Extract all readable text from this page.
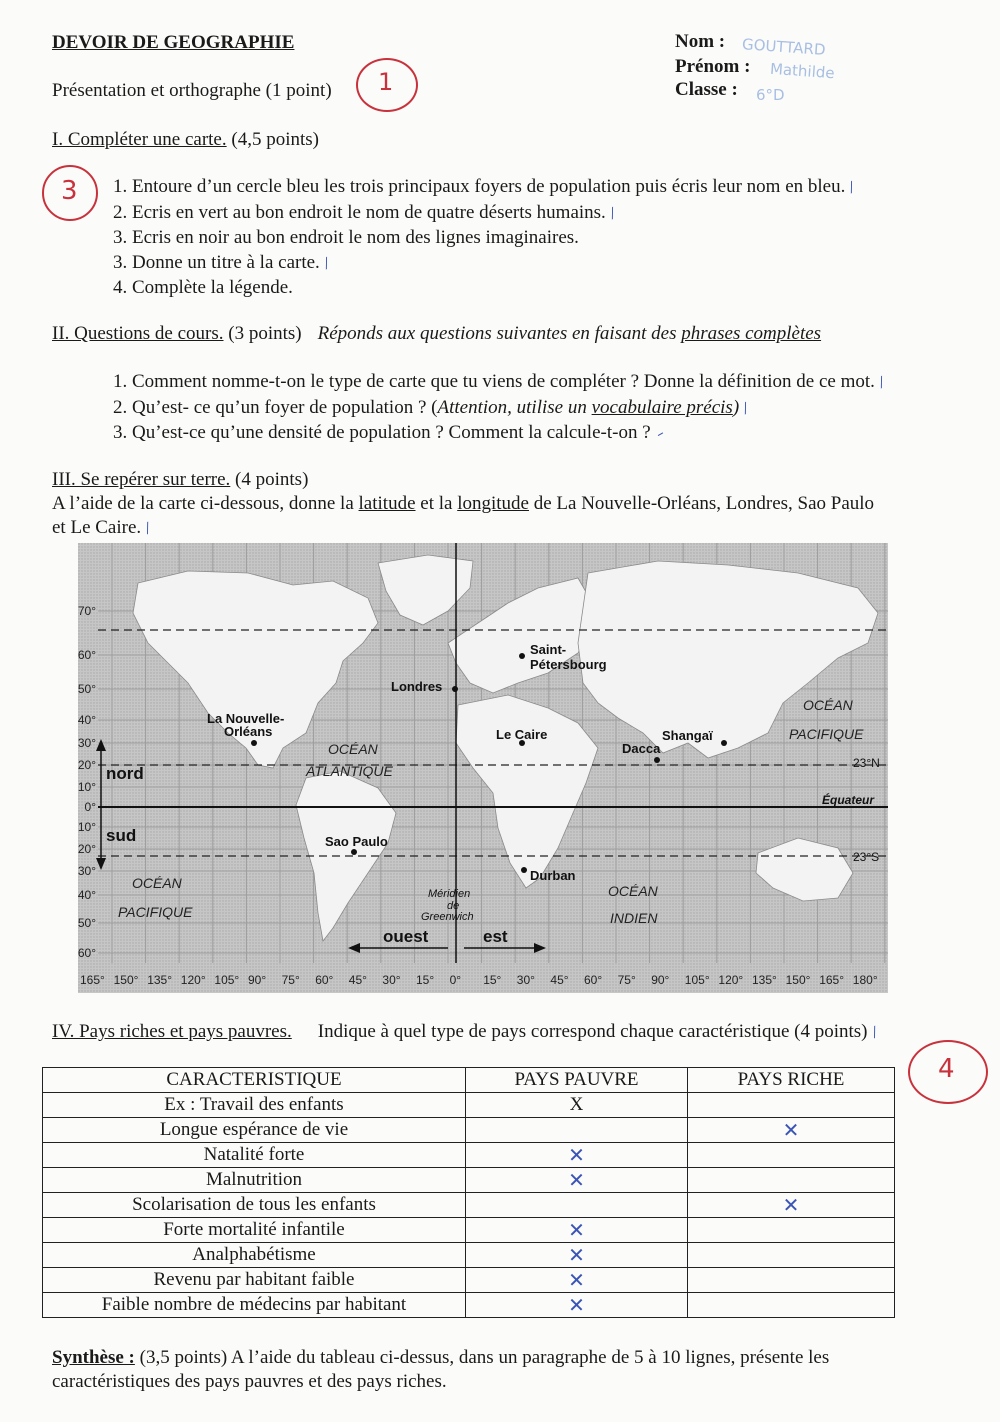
DEVOIR DE GEOGRAPHIE
Présentation et orthographe (1 point) 1
Nom :
Prénom :
Classe :
GOUTTARD
Mathilde
6°D
I. Compléter une carte. (4,5 points)
3 1. Entoure d’un cercle bleu les trois principaux foyers de population puis écris leur nom en bleu. ⁄
2. Ecris en vert au bon endroit le nom de quatre déserts humains. ⁄
3. Ecris en noir au bon endroit le nom des lignes imaginaires.
3. Donne un titre à la carte. ⁄
4. Complète la légende.
II. Questions de cours. (3 points) Réponds aux questions suivantes en faisant des phrases complètes
1. Comment nomme-t-on le type de carte que tu viens de compléter ? Donne la définition de ce mot. ⁄
2. Qu’est- ce qu’un foyer de population ? (Attention, utilise un vocabulaire précis) ⁄
3. Qu’est-ce qu’une densité de population ? Comment la calcule-t-on ? –
III. Se repérer sur terre. (4 points)
A l’aide de la carte ci-dessous, donne la latitude et la longitude de La Nouvelle-Orléans, Londres, Sao Paulo
et Le Caire. ⁄
70°
60°
50°
40°
30°
20°
10°
0°
10°
20°
30°
40°
50°
60°
165° 150° 135° 120° 105° 90° 75° 60° 45° 30° 15° 0° 15° 30° 45° 60° 75° 90° 105° 120° 135° 150° 165° 180°
Saint-
Pétersbourg
Londres
La Nouvelle-
Orléans	Le Caire	Shangaï
Dacca
Sao Paulo
Durban
OCÉAN
ATLANTIQUE
OCÉAN
PACIFIQUE
OCÉAN
PACIFIQUE
OCÉAN
INDIEN
Équateur
23°N
23°S
Méridien
de
Greenwich
nord
sud
ouest	est
IV. Pays riches et pays pauvres. Indique à quel type de pays correspond chaque caractéristique (4 points) ⁄
4
CARACTERISTIQUE	PAYS PAUVRE	PAYS RICHE
Ex : Travail des enfants	X	
Longue espérance de vie		✕
Natalité forte	✕	
Malnutrition	✕	
Scolarisation de tous les enfants		✕
Forte mortalité infantile	✕	
Analphabétisme	✕	
Revenu par habitant faible	✕	
Faible nombre de médecins par habitant	✕	
Synthèse : (3,5 points) A l’aide du tableau ci-dessus, dans un paragraphe de 5 à 10 lignes, présente les
caractéristiques des pays pauvres et des pays riches.
